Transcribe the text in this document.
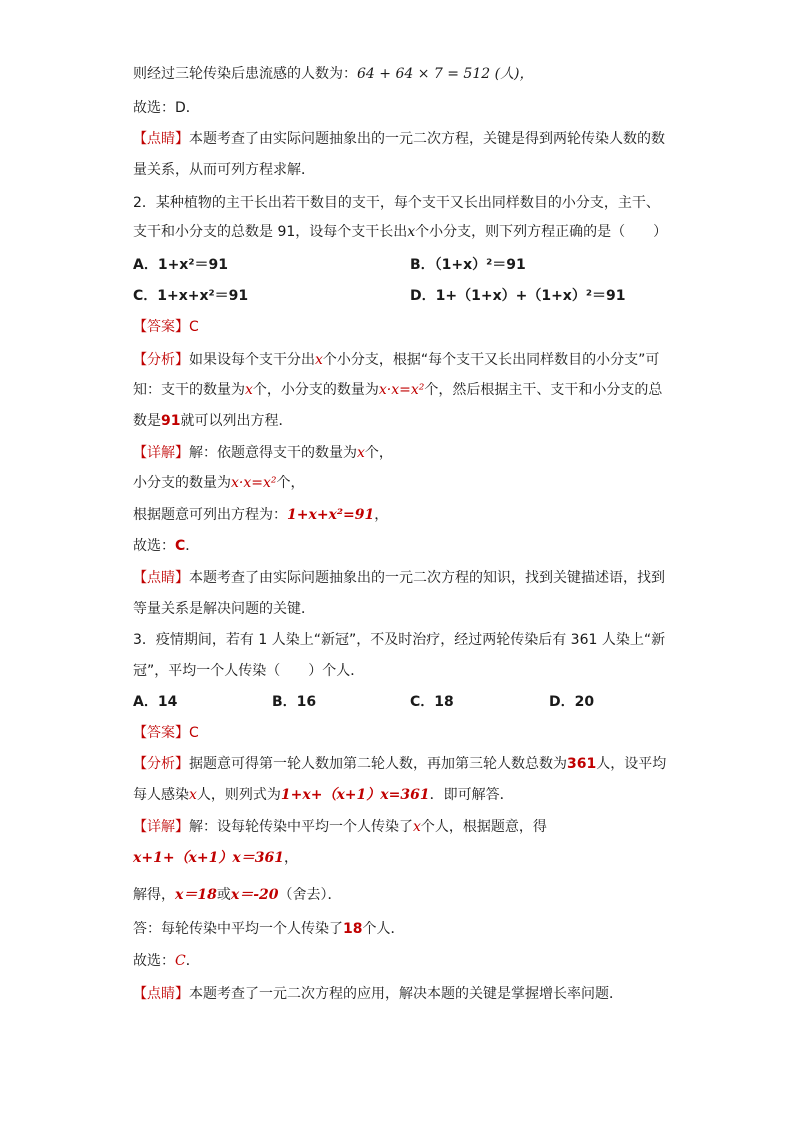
则经过三轮传染后患流感的人数为：64 + 64 × 7 = 512 (人)，
故选：D．
【点睛】本题考查了由实际问题抽象出的一元二次方程，关键是得到两轮传染人数的数
量关系，从而可列方程求解．
2．某种植物的主干长出若干数目的支干，每个支干又长出同样数目的小分支，主干、
支干和小分支的总数是 91，设每个支干长出x个小分支，则下列方程正确的是（　　）
A．1+x²＝91	B．（1+x）²＝91
C．1+x+x²＝91	D．1+（1+x）+（1+x）²＝91
【答案】C
【分析】如果设每个支干分出x个小分支，根据“每个支干又长出同样数目的小分支”可
知：支干的数量为x个，小分支的数量为x·x=x²个，然后根据主干、支干和小分支的总
数是91就可以列出方程．
【详解】解：依题意得支干的数量为x个，
小分支的数量为x·x=x²个，
根据题意可列出方程为：1+x+x²=91，
故选：C．
【点睛】本题考查了由实际问题抽象出的一元二次方程的知识，找到关键描述语，找到
等量关系是解决问题的关键．
3．疫情期间，若有 1 人染上“新冠”，不及时治疗，经过两轮传染后有 361 人染上“新
冠”，平均一个人传染（　　）个人．
A．14	B．16	C．18	D．20
【答案】C
【分析】据题意可得第一轮人数加第二轮人数，再加第三轮人数总数为361人，设平均
每人感染x人，则列式为1+x+（x+1）x=361．即可解答．
【详解】解：设每轮传染中平均一个人传染了x个人，根据题意，得
x+1+（x+1）x＝361，
解得，x＝18或x＝-20（舍去）．
答：每轮传染中平均一个人传染了18个人．
故选：C．
【点睛】本题考查了一元二次方程的应用，解决本题的关键是掌握增长率问题．
